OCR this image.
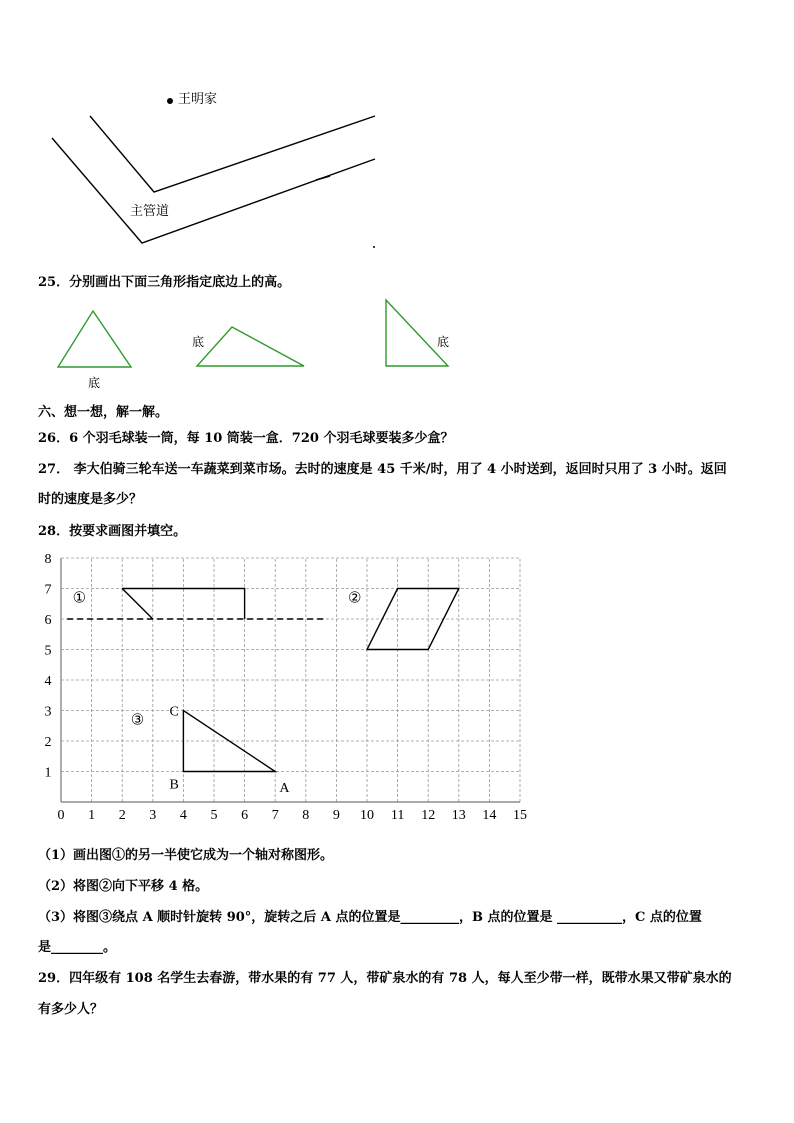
王明家
主管道
25．分别画出下面三角形指定底边上的高。
底
底	底
六、想一想，解一解。
26．6 个羽毛球装一筒，每 10 筒装一盒．720 个羽毛球要装多少盒？
27． 李大伯骑三轮车送一车蔬菜到菜市场。去时的速度是 45 千米/时，用了 4 小时送到，返回时只用了 3 小时。返回
时的速度是多少？
28．按要求画图并填空。
0 1 2 3 4 5 6 7 8 9 10 11 12 13 14 15
1
2
3
4
5
6
7
8
①	②
③
C
B	A
（1）画出图①的另一半使它成为一个轴对称图形。
（2）将图②向下平移 4 格。
（3）将图③绕点 A 顺时针旋转 90°，旋转之后 A 点的位置是_________，B 点的位置是 __________，C 点的位置
是________。
29．四年级有 108 名学生去春游，带水果的有 77 人，带矿泉水的有 78 人，每人至少带一样，既带水果又带矿泉水的
有多少人？
